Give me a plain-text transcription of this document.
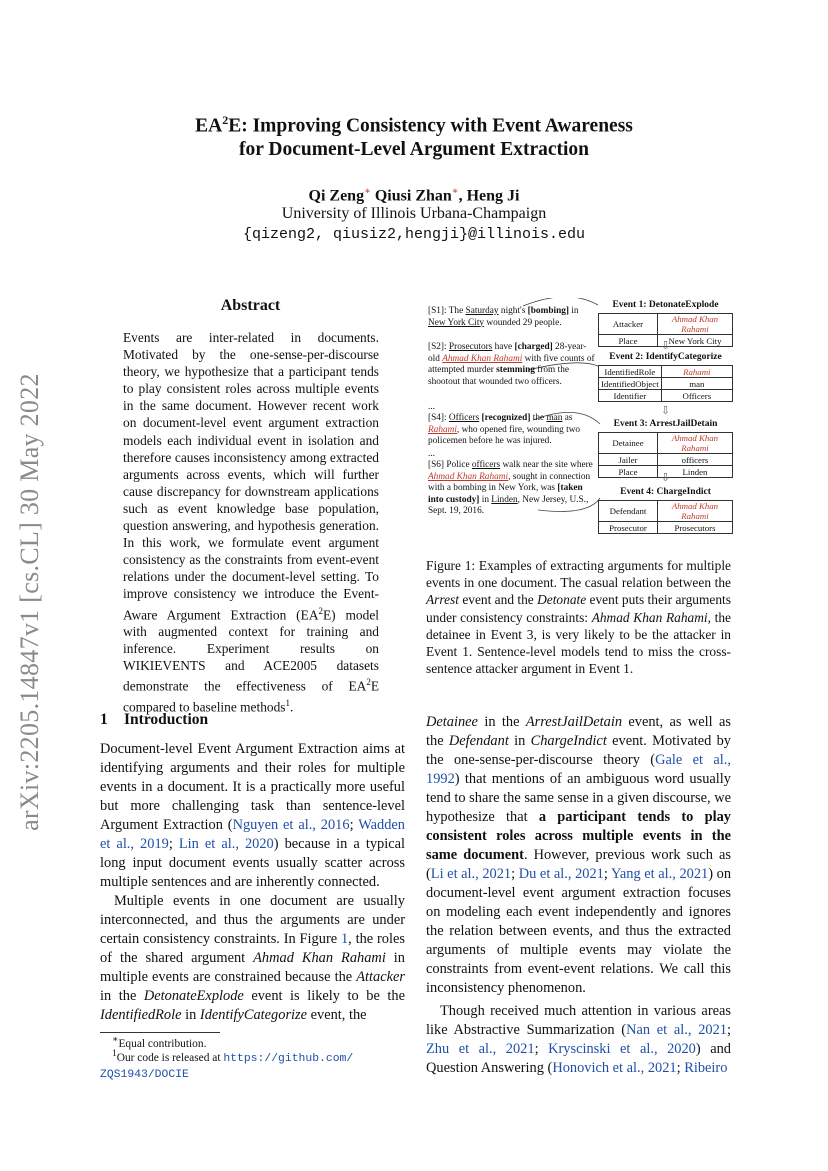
arXiv:2205.14847v1 [cs.CL] 30 May 2022
$EA^2E$: Improving Consistency with Event Awareness
for Document-Level Argument Extraction
Qi Zeng∗ Qiusi Zhan∗, Heng Ji
University of Illinois Urbana-Champaign
{qizeng2, qiusiz2,hengji}@illinois.edu
Abstract
Events are inter-related in documents. Motivated by the one-sense-per-discourse theory, we hypothesize that a participant tends to play consistent roles across multiple events in the same document. However recent work on document-level event argument extraction models each individual event in isolation and therefore causes inconsistency among extracted arguments across events, which will further cause discrepancy for downstream applications such as event knowledge base population, question answering, and hypothesis generation. In this work, we formulate event argument consistency as the constraints from event-event relations under the document-level setting. To improve consistency we introduce the Event-Aware Argument Extraction $(EA^2E)$ model with augmented context for training and inference. Experiment results on WIKIEVENTS and ACE2005 datasets demonstrate the effectiveness of $EA^2E$ compared to baseline methods$^1$.
1 Introduction
Document-level Event Argument Extraction aims at identifying arguments and their roles for multiple events in a document. It is a practically more useful but more challenging task than sentence-level Argument Extraction (Nguyen et al., 2016; Wadden et al., 2019; Lin et al., 2020) because in a typical long input document events usually scatter across multiple sentences and are inherently connected.
Multiple events in one document are usually interconnected, and thus the arguments are under certain consistency constraints. In Figure 1, the roles of the shared argument Ahmad Khan Rahami in multiple events are constrained because the Attacker in the DetonateExplode event is likely to be the IdentifiedRole in IdentifyCategorize event, the
∗Equal contribution.
$^1$Our code is released at https://github.com/
ZQS1943/DOCIE
[S1]: The Saturday night's [bombing] in New York City wounded 29 people.
[S2]: Prosecutors have [charged] 28-year-old Ahmad Khan Rahami with five counts of attempted murder stemming from the shootout that wounded two officers.
...
[S4]: Officers [recognized] the man as Rahami, who opened fire, wounding two policemen before he was injured.
...
[S6] Police officers walk near the site where Ahmad Khan Rahami, sought in connection with a bombing in New York, was [taken into custody] in Linden, New Jersey, U.S., Sept. 19, 2016.
Event 1: DetonateExplode
Attacker	Ahmad Khan Rahami
Place	New York City
⇩
Event 2: IdentifyCategorize
IdentifiedRole	Rahami
IdentifiedObject	man
Identifier	Officers
⇩
Event 3: ArrestJailDetain
Detainee	Ahmad Khan Rahami
Jailer	officers
Place	Linden
⇩
Event 4: ChargeIndict
Defendant	Ahmad Khan Rahami
Prosecutor	Prosecutors
Figure 1: Examples of extracting arguments for multiple events in one document. The casual relation between the Arrest event and the Detonate event puts their arguments under consistency constraints: Ahmad Khan Rahami, the detainee in Event 3, is very likely to be the attacker in Event 1. Sentence-level models tend to miss the cross-sentence attacker argument in Event 1.
Detainee in the ArrestJailDetain event, as well as the Defendant in ChargeIndict event. Motivated by the one-sense-per-discourse theory (Gale et al., 1992) that mentions of an ambiguous word usually tend to share the same sense in a given discourse, we hypothesize that a participant tends to play consistent roles across multiple events in the same document. However, previous work such as (Li et al., 2021; Du et al., 2021; Yang et al., 2021) on document-level event argument extraction focuses on modeling each event independently and ignores the relation between events, and thus the extracted arguments of multiple events may violate the constraints from event-event relations. We call this inconsistency phenomenon.
Though received much attention in various areas like Abstractive Summarization (Nan et al., 2021; Zhu et al., 2021; Kryscinski et al., 2020) and Question Answering (Honovich et al., 2021; Ribeiro
